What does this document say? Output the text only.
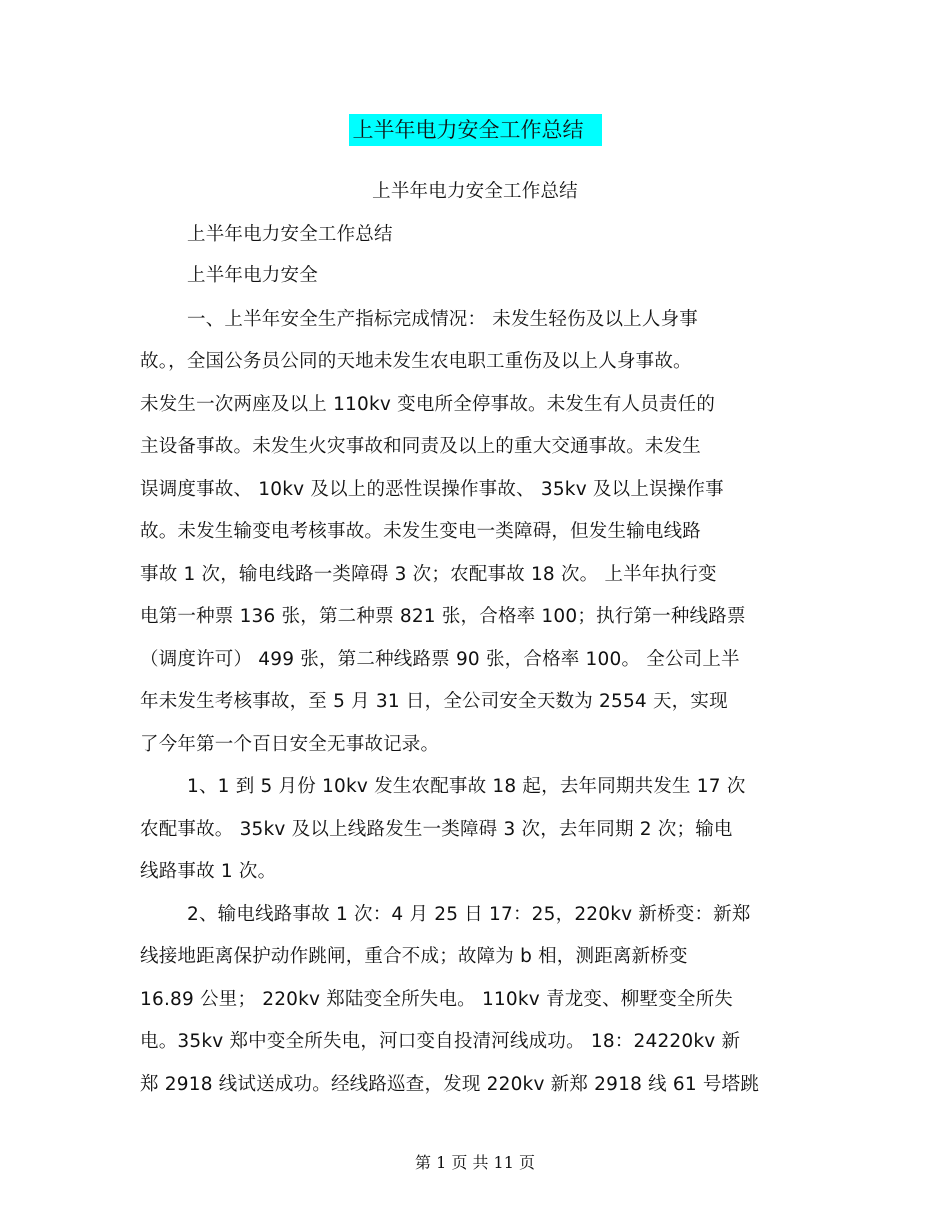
上半年电力安全工作总结
上半年电力安全工作总结
上半年电力安全工作总结
上半年电力安全
一、上半年安全生产指标完成情况： 未发生轻伤及以上人身事
故。，全国公务员公同的天地未发生农电职工重伤及以上人身事故。
未发生一次两座及以上 110kv 变电所全停事故。未发生有人员责任的
主设备事故。未发生火灾事故和同责及以上的重大交通事故。未发生
误调度事故、 10kv 及以上的恶性误操作事故、 35kv 及以上误操作事
故。未发生输变电考核事故。未发生变电一类障碍，但发生输电线路
事故 1 次，输电线路一类障碍 3 次；农配事故 18 次。 上半年执行变
电第一种票 136 张，第二种票 821 张，合格率 100；执行第一种线路票
（调度许可） 499 张，第二种线路票 90 张，合格率 100。 全公司上半
年未发生考核事故，至 5 月 31 日，全公司安全天数为 2554 天，实现
了今年第一个百日安全无事故记录。
1、1 到 5 月份 10kv 发生农配事故 18 起，去年同期共发生 17 次
农配事故。 35kv 及以上线路发生一类障碍 3 次，去年同期 2 次；输电
线路事故 1 次。
2、输电线路事故 1 次：4 月 25 日 17：25，220kv 新桥变：新郑
线接地距离保护动作跳闸，重合不成；故障为 b 相，测距离新桥变
16.89 公里； 220kv 郑陆变全所失电。 110kv 青龙变、柳墅变全所失
电。35kv 郑中变全所失电，河口变自投清河线成功。 18：24220kv 新
郑 2918 线试送成功。经线路巡查，发现 220kv 新郑 2918 线 61 号塔跳
第 1 页 共 11 页
